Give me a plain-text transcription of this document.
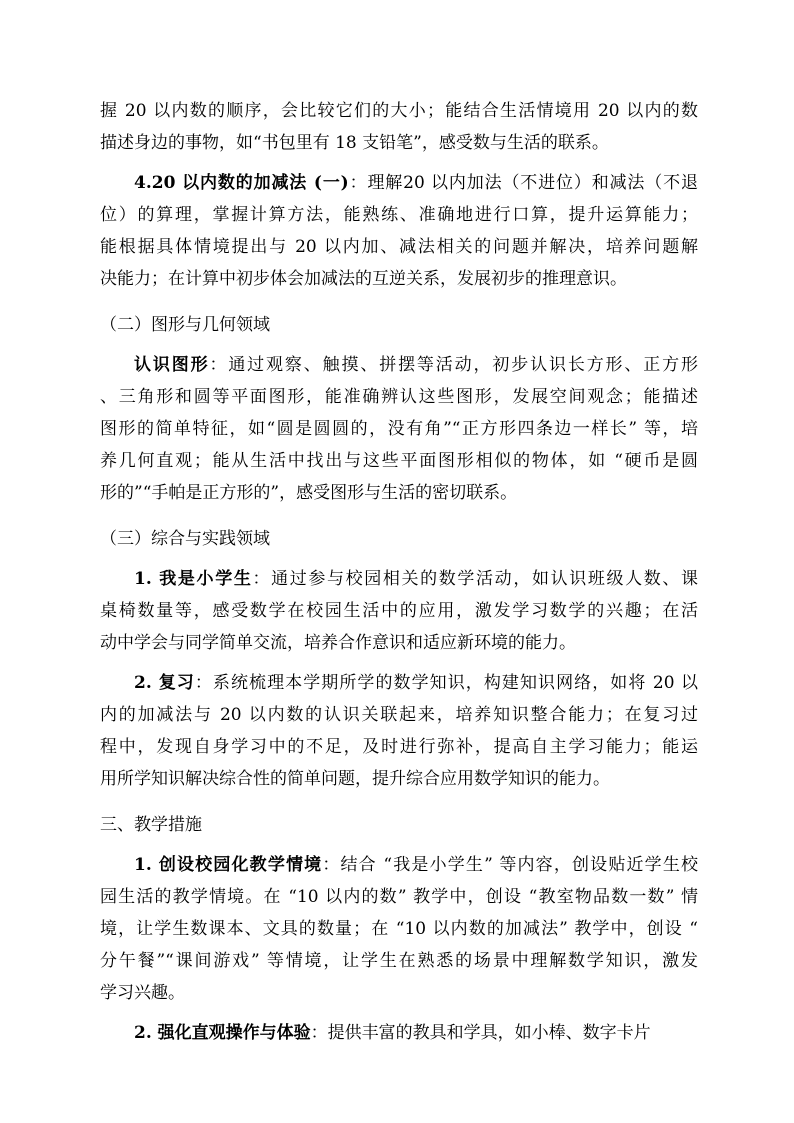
握 20 以内数的顺序，会比较它们的大小；能结合生活情境用 20 以内的数
描述身边的事物，如“书包里有 18 支铅笔”，感受数与生活的联系。
4.20 以内数的加减法 (一)：理解20 以内加法（不进位）和减法（不退
位）的算理，掌握计算方法，能熟练、准确地进行口算，提升运算能力；
能根据具体情境提出与 20 以内加、减法相关的问题并解决，培养问题解
决能力；在计算中初步体会加减法的互逆关系，发展初步的推理意识。
（二）图形与几何领域
认识图形：通过观察、触摸、拼摆等活动，初步认识长方形、正方形
、三角形和圆等平面图形，能准确辨认这些图形，发展空间观念；能描述
图形的简单特征，如“圆是圆圆的，没有角”“正方形四条边一样长” 等，培
养几何直观；能从生活中找出与这些平面图形相似的物体，如 “硬币是圆
形的”“手帕是正方形的”，感受图形与生活的密切联系。
（三）综合与实践领域
1. 我是小学生：通过参与校园相关的数学活动，如认识班级人数、课
桌椅数量等，感受数学在校园生活中的应用，激发学习数学的兴趣；在活
动中学会与同学简单交流，培养合作意识和适应新环境的能力。
2. 复习：系统梳理本学期所学的数学知识，构建知识网络，如将 20 以
内的加减法与 20 以内数的认识关联起来，培养知识整合能力；在复习过
程中，发现自身学习中的不足，及时进行弥补，提高自主学习能力；能运
用所学知识解决综合性的简单问题，提升综合应用数学知识的能力。
三、教学措施
1. 创设校园化教学情境：结合 “我是小学生” 等内容，创设贴近学生校
园生活的教学情境。在 “10 以内的数” 教学中，创设 “教室物品数一数” 情
境，让学生数课本、文具的数量；在 “10 以内数的加减法” 教学中，创设 “
分午餐”“课间游戏” 等情境，让学生在熟悉的场景中理解数学知识，激发
学习兴趣。
2. 强化直观操作与体验：提供丰富的教具和学具，如小棒、数字卡片
